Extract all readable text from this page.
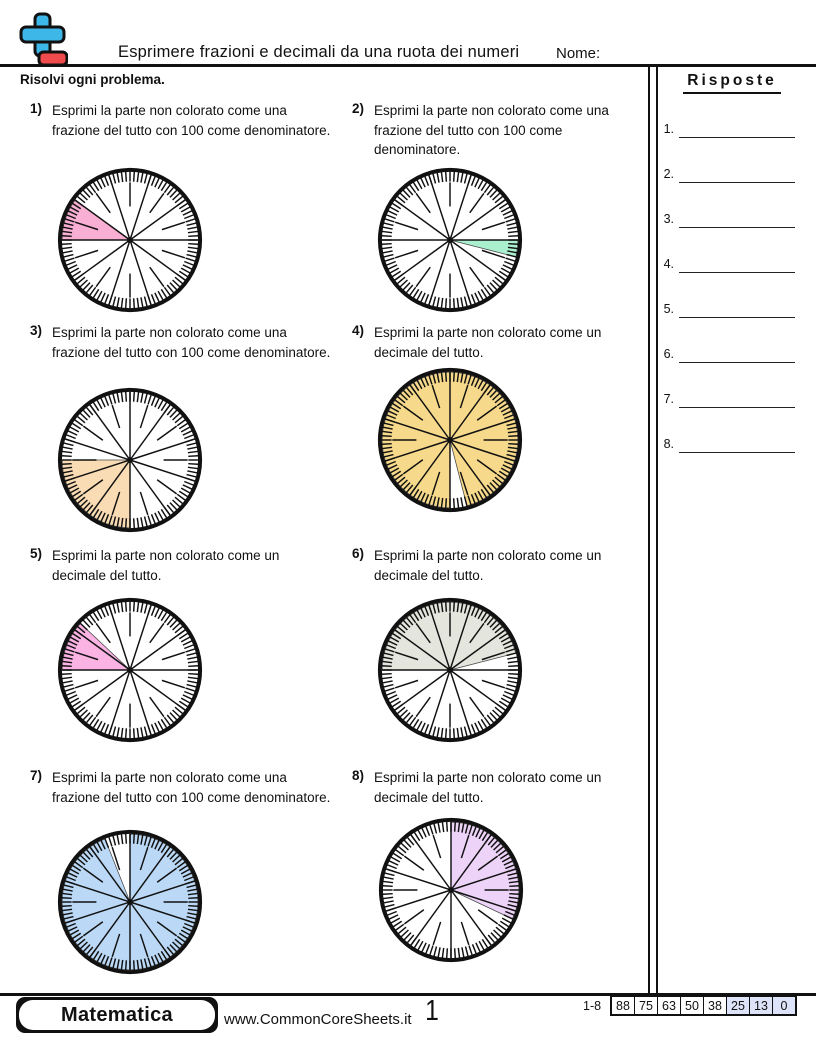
Esprimere frazioni e decimali da una ruota dei numeri Nome:
Risolvi ogni problema.	Risposte
1.
2.
3.
4.
5.
6.
7.
8.
1) Esprimi la parte non colorato come una frazione del tutto con 100 come denominatore.
2) Esprimi la parte non colorato come una frazione del tutto con 100 come denominatore.
3) Esprimi la parte non colorato come una frazione del tutto con 100 come denominatore.
4) Esprimi la parte non colorato come un decimale del tutto.
5) Esprimi la parte non colorato come un decimale del tutto.
6) Esprimi la parte non colorato come un decimale del tutto.
7) Esprimi la parte non colorato come una frazione del tutto con 100 come denominatore.
8) Esprimi la parte non colorato come un decimale del tutto.
Matematica	www.CommonCoreSheets.it 1	1-8	88 75 63 50 38 25 13	0
